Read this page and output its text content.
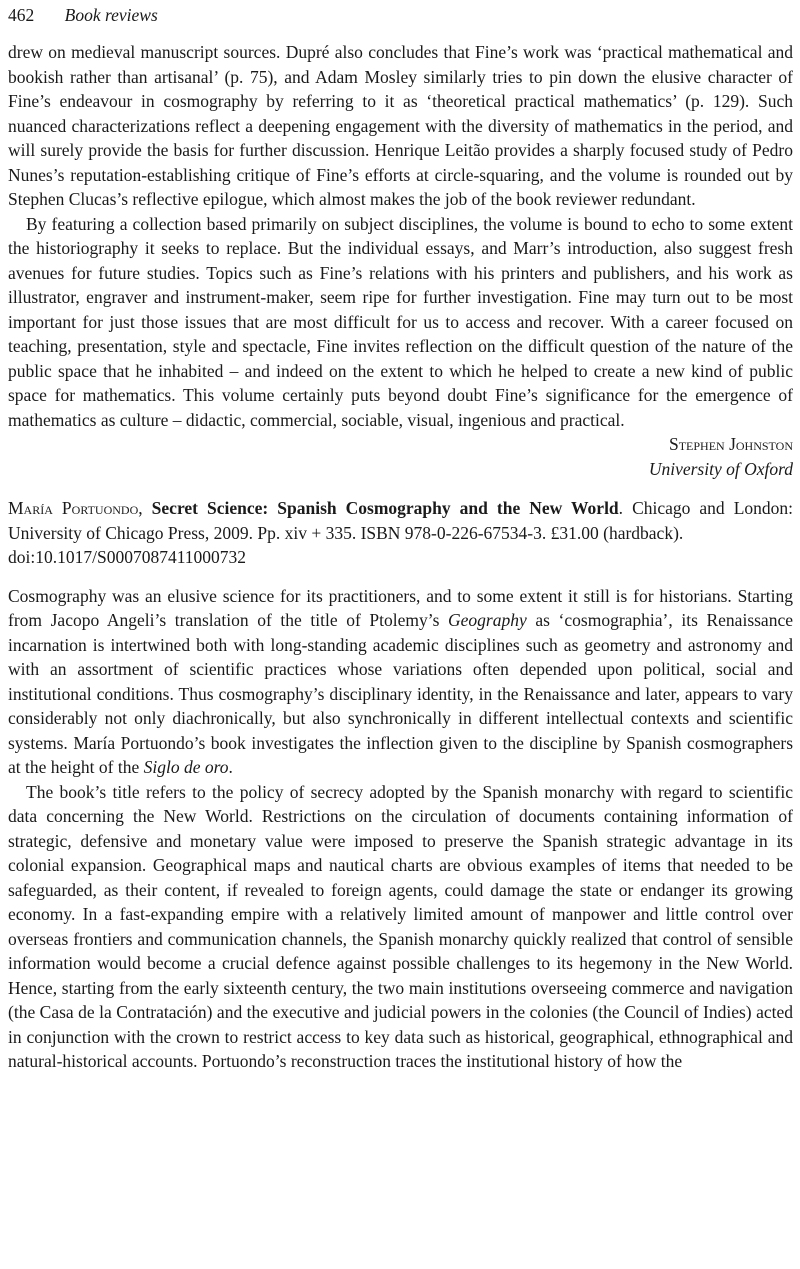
462 Book reviews

drew on medieval manuscript sources. Dupré also concludes that Fine’s work was ‘practical mathematical and bookish rather than artisanal’ (p. 75), and Adam Mosley similarly tries to pin down the elusive character of Fine’s endeavour in cosmography by referring to it as ‘theoretical practical mathematics’ (p. 129). Such nuanced characterizations reflect a deepening engagement with the diversity of mathematics in the period, and will surely provide the basis for further discussion. Henrique Leitão provides a sharply focused study of Pedro Nunes’s reputation-establishing critique of Fine’s efforts at circle-squaring, and the volume is rounded out by Stephen Clucas’s reflective epilogue, which almost makes the job of the book reviewer redundant.

By featuring a collection based primarily on subject disciplines, the volume is bound to echo to some extent the historiography it seeks to replace. But the individual essays, and Marr’s introduction, also suggest fresh avenues for future studies. Topics such as Fine’s relations with his printers and publishers, and his work as illustrator, engraver and instrument-maker, seem ripe for further investigation. Fine may turn out to be most important for just those issues that are most difficult for us to access and recover. With a career focused on teaching, presentation, style and spectacle, Fine invites reflection on the difficult question of the nature of the public space that he inhabited – and indeed on the extent to which he helped to create a new kind of public space for mathematics. This volume certainly puts beyond doubt Fine’s significance for the emergence of mathematics as culture – didactic, commercial, sociable, visual, ingenious and practical.

Stephen Johnston
University of Oxford

María Portuondo, Secret Science: Spanish Cosmography and the New World. Chicago and London: University of Chicago Press, 2009. Pp. xiv + 335. ISBN 978-0-226-67534-3. £31.00 (hardback).

doi:10.1017/S0007087411000732

Cosmography was an elusive science for its practitioners, and to some extent it still is for historians. Starting from Jacopo Angeli’s translation of the title of Ptolemy’s Geography as ‘cosmographia’, its Renaissance incarnation is intertwined both with long-standing academic disciplines such as geometry and astronomy and with an assortment of scientific practices whose variations often depended upon political, social and institutional conditions. Thus cosmography’s disciplinary identity, in the Renaissance and later, appears to vary considerably not only diachronically, but also synchronically in different intellectual contexts and scientific systems. María Portuondo’s book investigates the inflection given to the discipline by Spanish cosmographers at the height of the Siglo de oro.

The book’s title refers to the policy of secrecy adopted by the Spanish monarchy with regard to scientific data concerning the New World. Restrictions on the circulation of documents containing information of strategic, defensive and monetary value were imposed to preserve the Spanish strategic advantage in its colonial expansion. Geographical maps and nautical charts are obvious examples of items that needed to be safeguarded, as their content, if revealed to foreign agents, could damage the state or endanger its growing economy. In a fast-expanding empire with a relatively limited amount of manpower and little control over overseas frontiers and communication channels, the Spanish monarchy quickly realized that control of sensible information would become a crucial defence against possible challenges to its hegemony in the New World. Hence, starting from the early sixteenth century, the two main institutions overseeing commerce and navigation (the Casa de la Contratación) and the executive and judicial powers in the colonies (the Council of Indies) acted in conjunction with the crown to restrict access to key data such as historical, geographical, ethnographical and natural-historical accounts. Portuondo’s reconstruction traces the institutional history of how the
